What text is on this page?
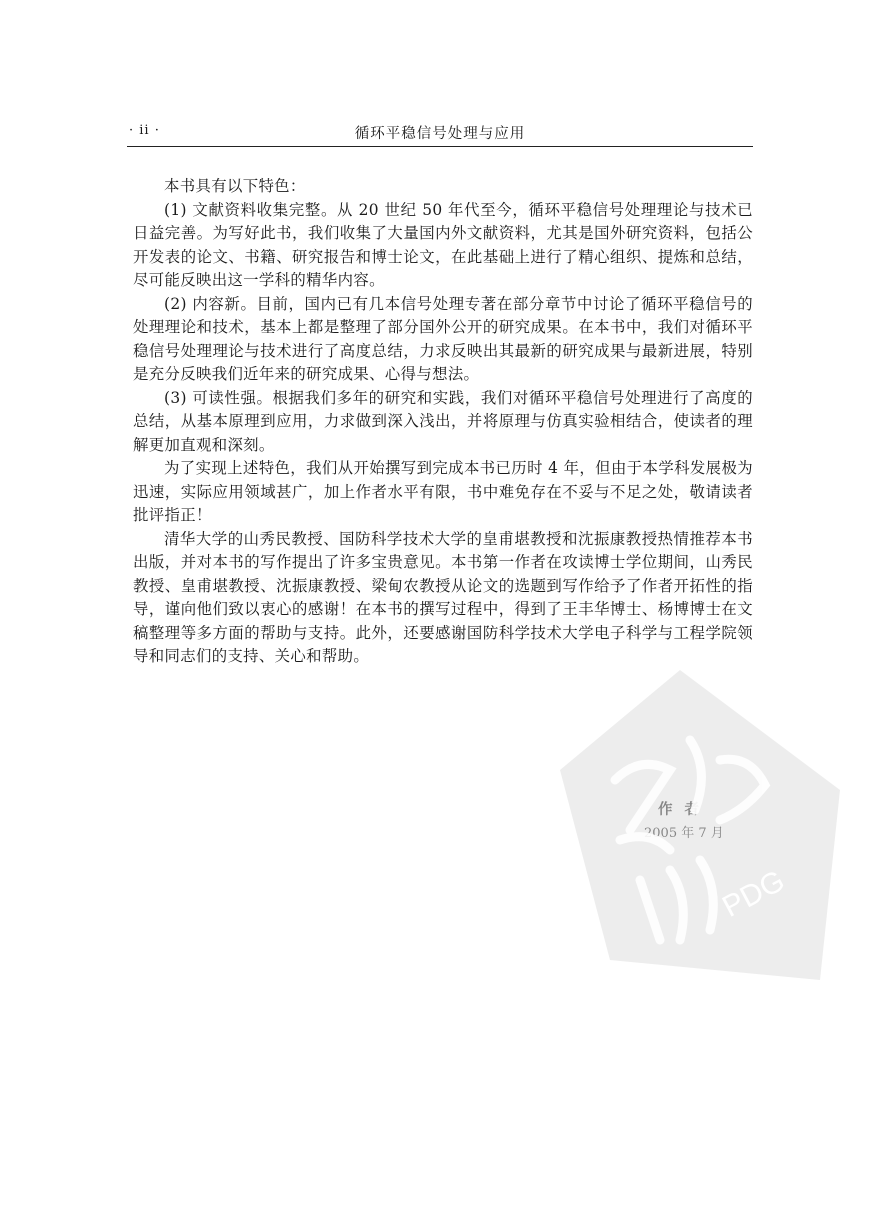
· ii ·	循环平稳信号处理与应用

本书具有以下特色：

(1) 文献资料收集完整。从 20 世纪 50 年代至今，循环平稳信号处理理论与技术已日益完善。为写好此书，我们收集了大量国内外文献资料，尤其是国外研究资料，包括公开发表的论文、书籍、研究报告和博士论文，在此基础上进行了精心组织、提炼和总结，尽可能反映出这一学科的精华内容。

(2) 内容新。目前，国内已有几本信号处理专著在部分章节中讨论了循环平稳信号的处理理论和技术，基本上都是整理了部分国外公开的研究成果。在本书中，我们对循环平稳信号处理理论与技术进行了高度总结，力求反映出其最新的研究成果与最新进展，特别是充分反映我们近年来的研究成果、心得与想法。

(3) 可读性强。根据我们多年的研究和实践，我们对循环平稳信号处理进行了高度的总结，从基本原理到应用，力求做到深入浅出，并将原理与仿真实验相结合，使读者的理解更加直观和深刻。

为了实现上述特色，我们从开始撰写到完成本书已历时 4 年，但由于本学科发展极为迅速，实际应用领域甚广，加上作者水平有限，书中难免存在不妥与不足之处，敬请读者批评指正！

清华大学的山秀民教授、国防科学技术大学的皇甫堪教授和沈振康教授热情推荐本书出版，并对本书的写作提出了许多宝贵意见。本书第一作者在攻读博士学位期间，山秀民教授、皇甫堪教授、沈振康教授、梁甸农教授从论文的选题到写作给予了作者开拓性的指导，谨向他们致以衷心的感谢！在本书的撰写过程中，得到了王丰华博士、杨博博士在文稿整理等多方面的帮助与支持。此外，还要感谢国防科学技术大学电子科学与工程学院领导和同志们的支持、关心和帮助。

PDG
